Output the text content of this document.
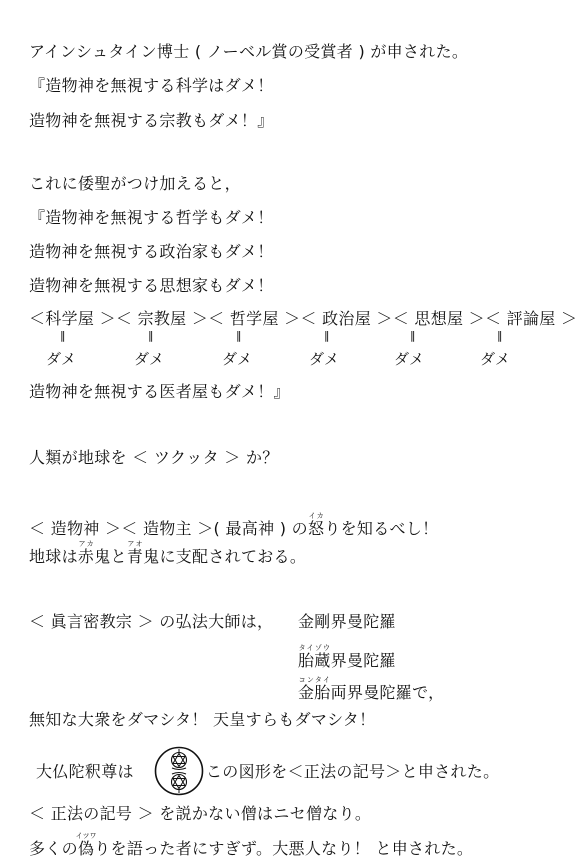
アインシュタイン博士 ( ノーベル賞の受賞者 ) が申された。
『造物神を無視する科学はダメ！
造物神を無視する宗教もダメ！』
これに倭聖がつけ加えると，
『造物神を無視する哲学もダメ！
造物神を無視する政治家もダメ！
造物神を無視する思想家もダメ！
＜科学屋 ＞＜ 宗教屋 ＞＜ 哲学屋 ＞＜ 政治屋 ＞＜ 思想屋 ＞＜ 評論屋 ＞
‖	‖	‖	‖	‖	‖
ダメ	ダメ	ダメ	ダメ	ダメ	ダメ
造物神を無視する医者屋もダメ！』
人類が地球を ＜ ツクッタ ＞ か？
＜ 造物神 ＞＜ 造物主 ＞( 最高神 ) の怒イカりを知るべし！
地球は赤アカ鬼と青アオ鬼に支配されておる。
＜ 眞言密教宗 ＞ の弘法大師は， 金剛界曼陀羅
胎蔵タイゾウ界曼陀羅
金胎コンタイ両界曼陀羅で，
無知な大衆をダマシタ！ 天皇すらもダマシタ！
大仏陀釈尊は	この図形を＜正法の記号＞と申された。
＜ 正法の記号 ＞ を説かない僧はニセ僧なり。
多くの偽イツワりを語った者にすぎず。大悪人なり！ と申された。
